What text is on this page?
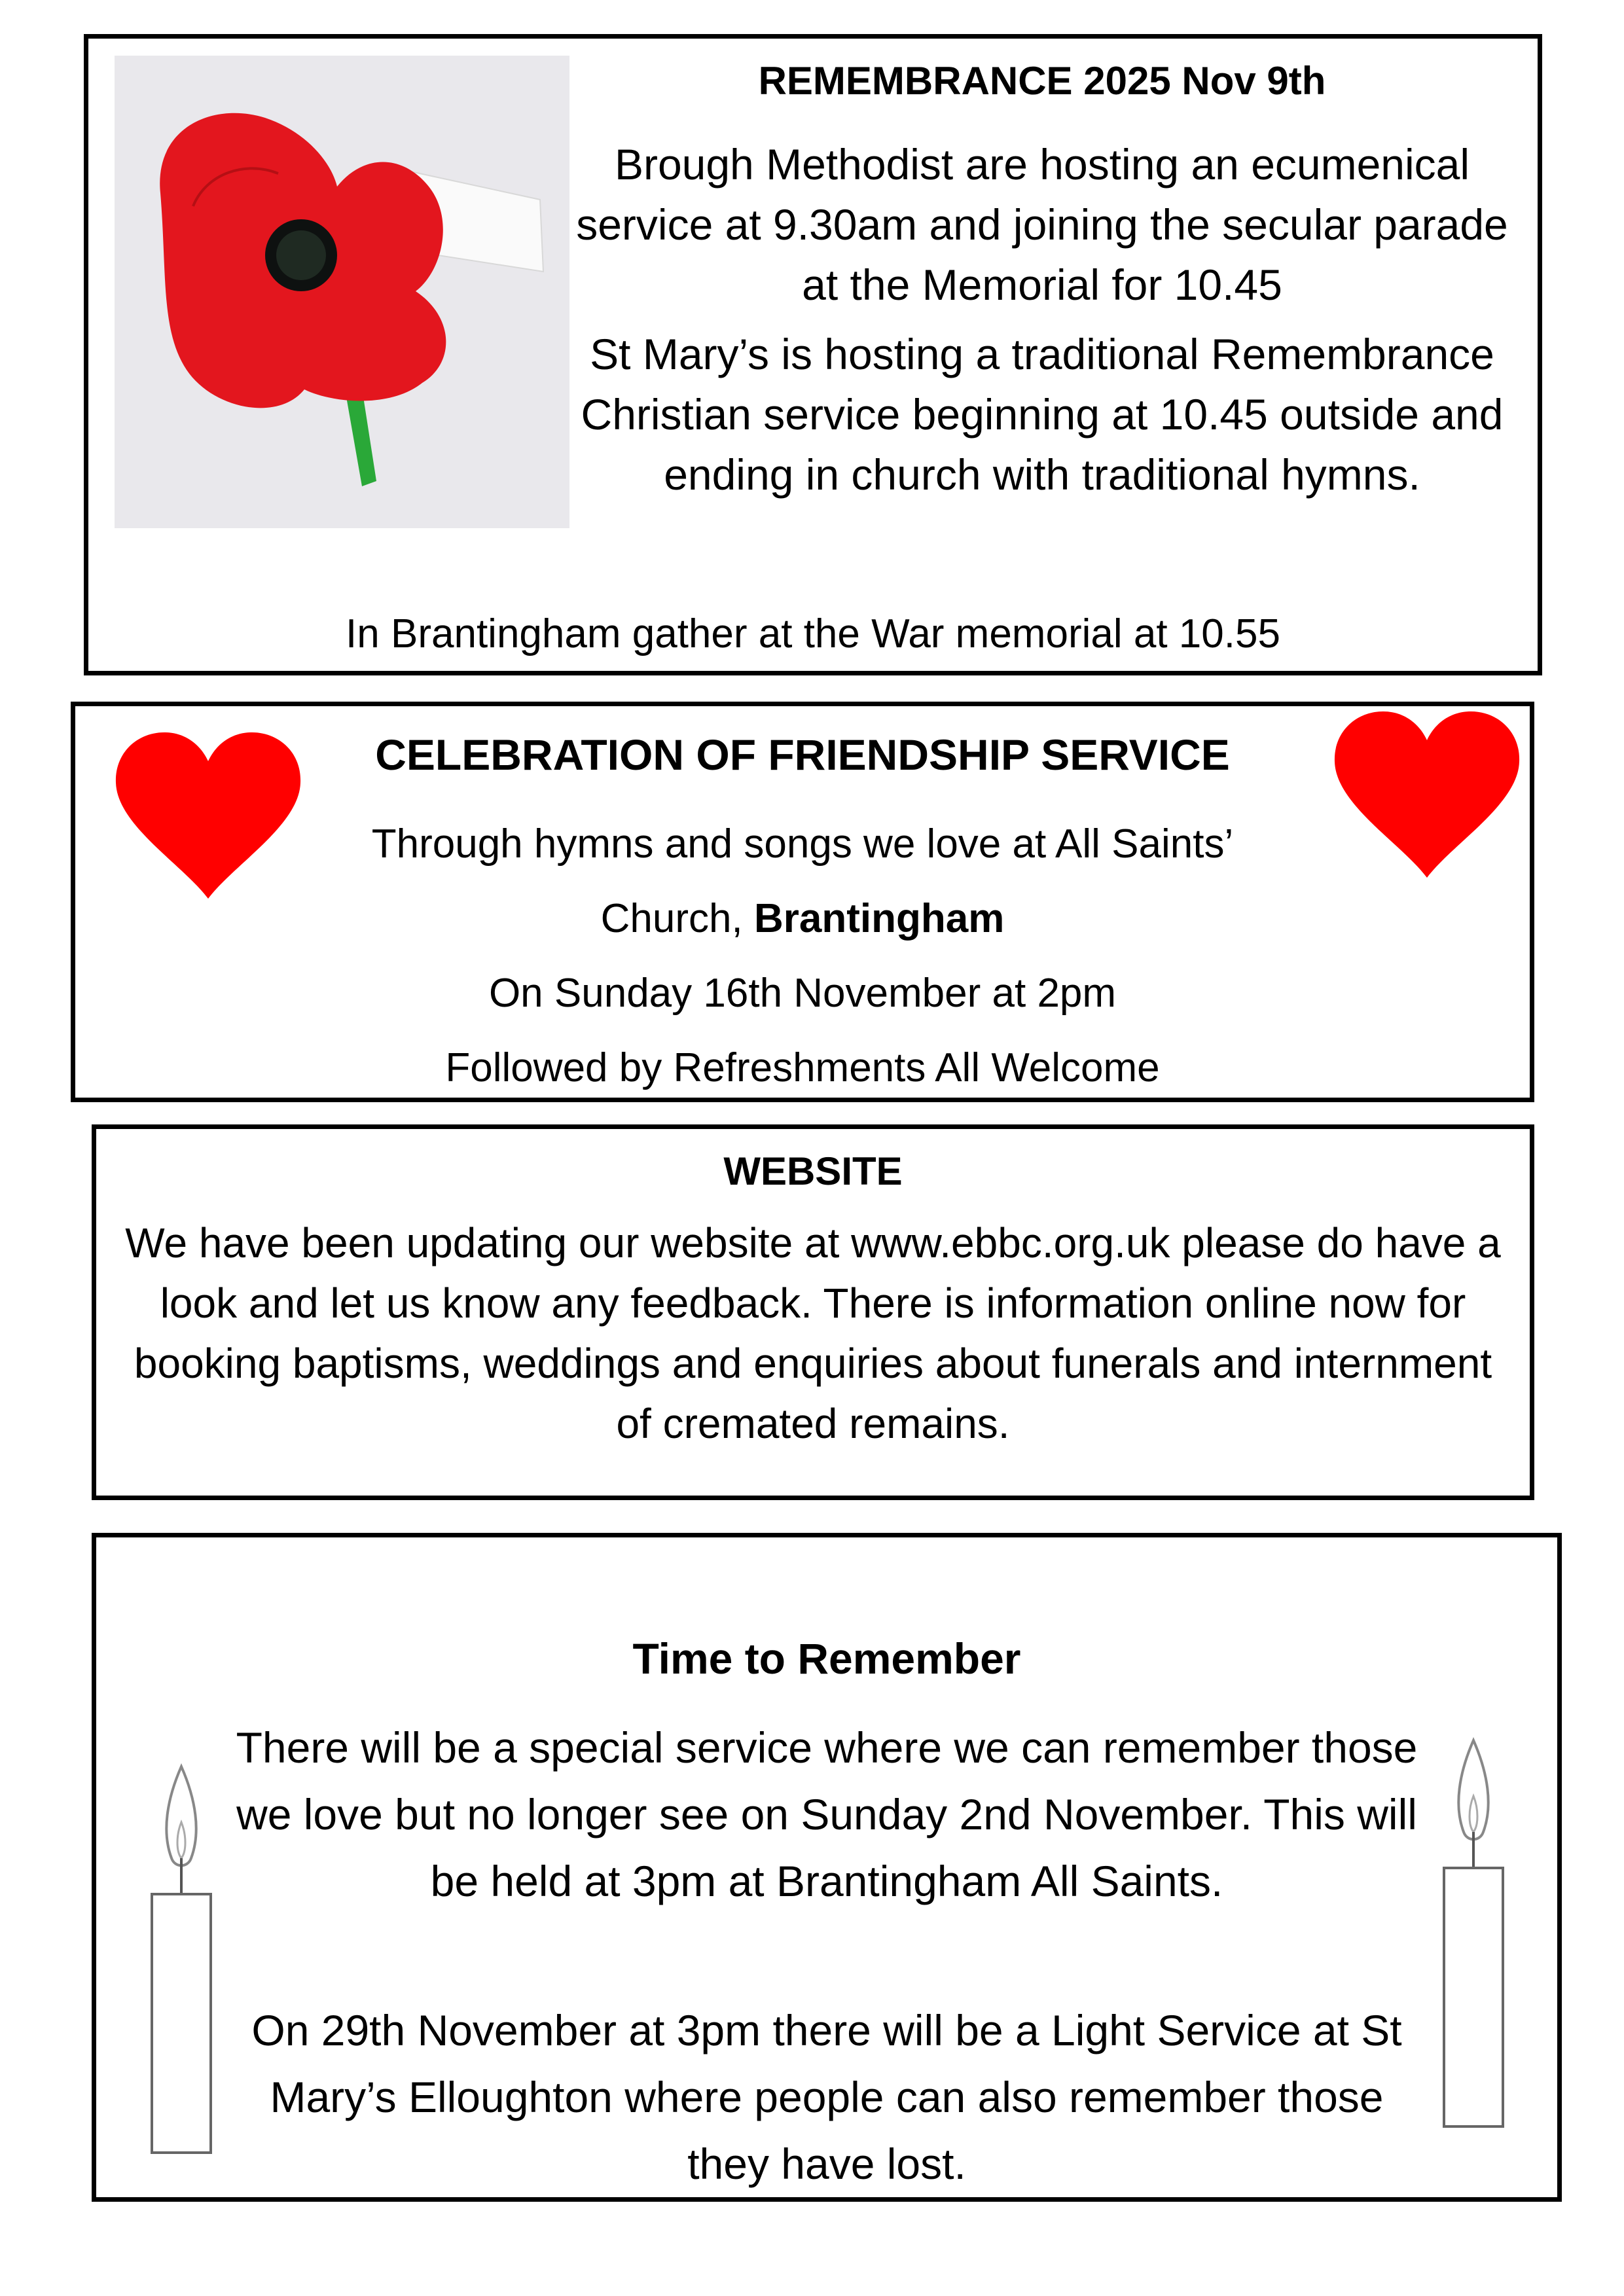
REMEMBRANCE 2025 Nov 9th
Brough Methodist are hosting an ecumenical service at 9.30am and joining the secular parade at the Memorial for 10.45
St Mary’s is hosting a traditional Remembrance Christian service beginning at 10.45 outside and ending in church with traditional hymns.
In Brantingham gather at the War memorial at 10.55

CELEBRATION OF FRIENDSHIP SERVICE

Through hymns and songs we love at All Saints’

Church, Brantingham

On Sunday 16th November at 2pm

Followed by Refreshments All Welcome

WEBSITE

We have been updating our website at www.ebbc.org.uk please do have a look and let us know any feedback. There is information online now for booking baptisms, weddings and enquiries about funerals and internment of cremated remains.

Time to Remember

There will be a special service where we can remember those we love but no longer see on Sunday 2nd November. This will be held at 3pm at Brantingham All Saints.
On 29th November at 3pm there will be a Light Service at St Mary’s Elloughton where people can also remember those they have lost.
